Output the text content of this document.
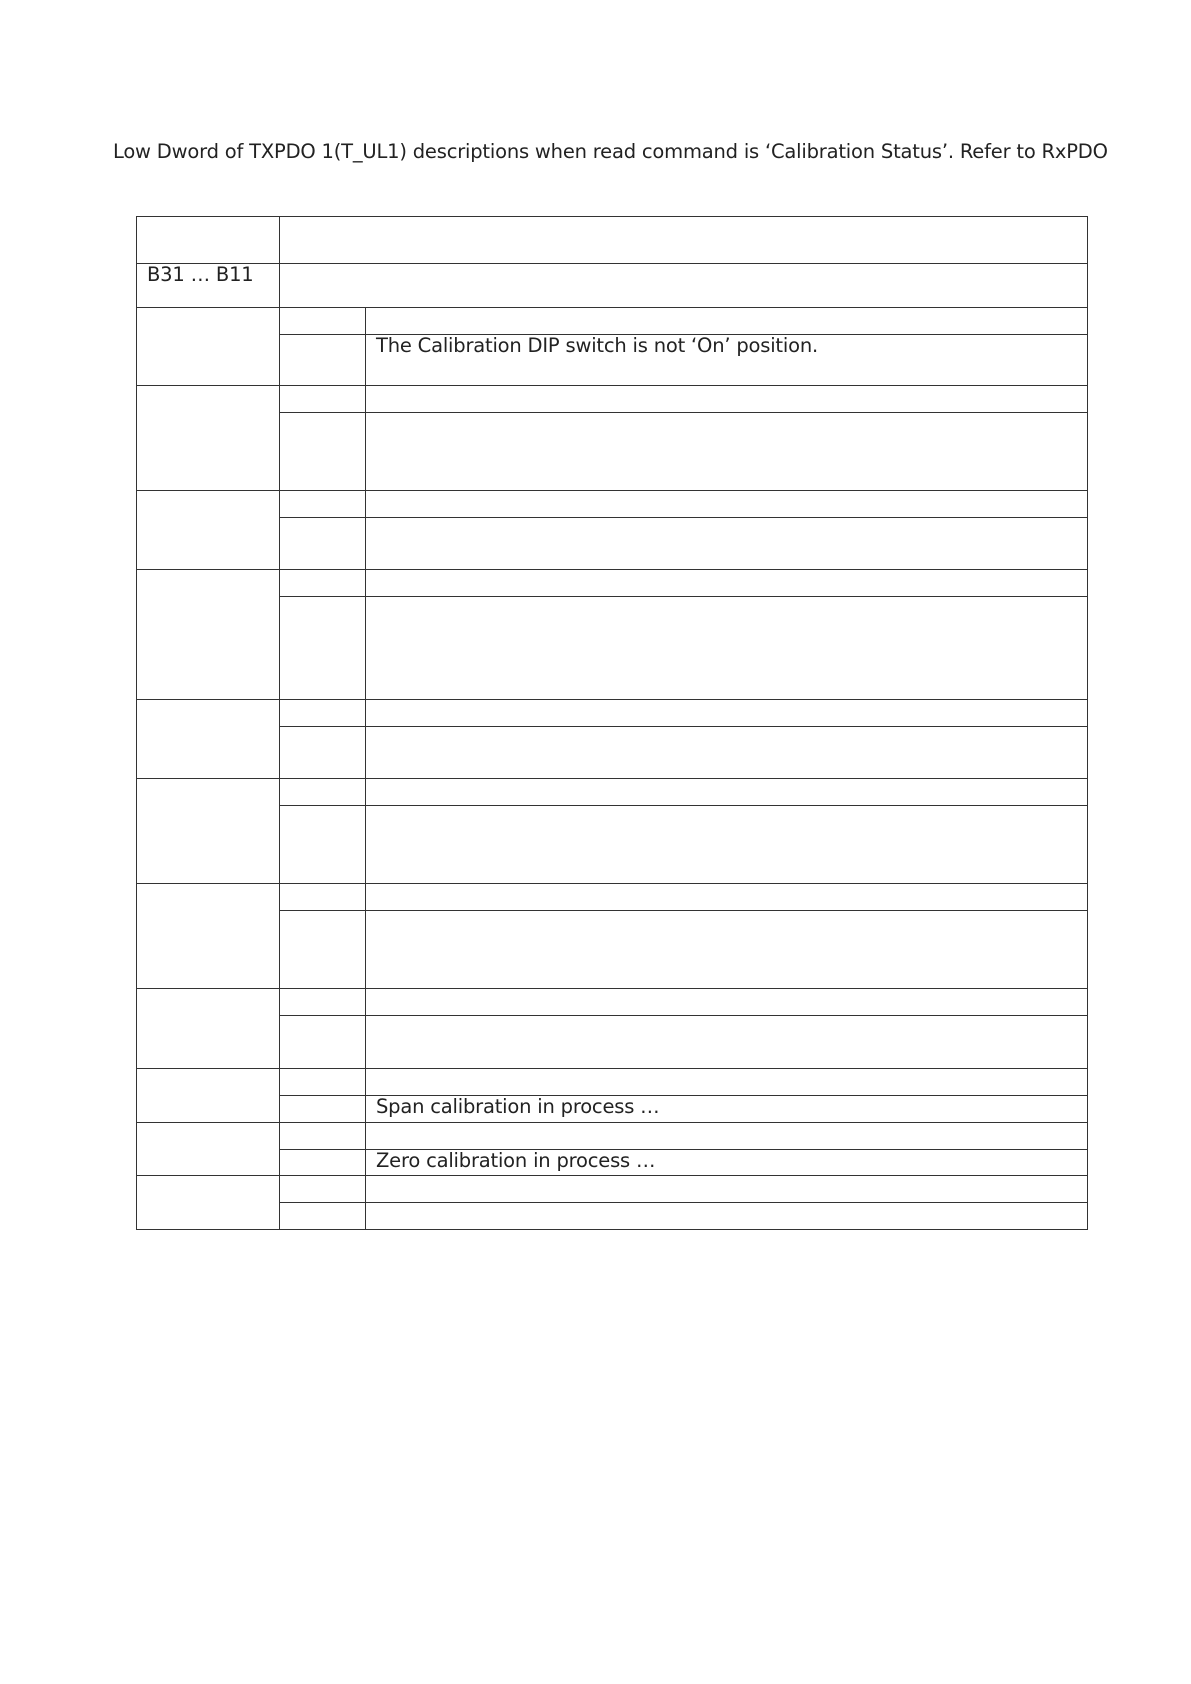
Low Dword of TXPDO 1(T_UL1) descriptions when read command is ‘Calibration Status’. Refer to RxPDO

B31 … B11		

		The Calibration DIP switch is not ‘On’ position.

		Span calibration in process …

		Zero calibration in process …
